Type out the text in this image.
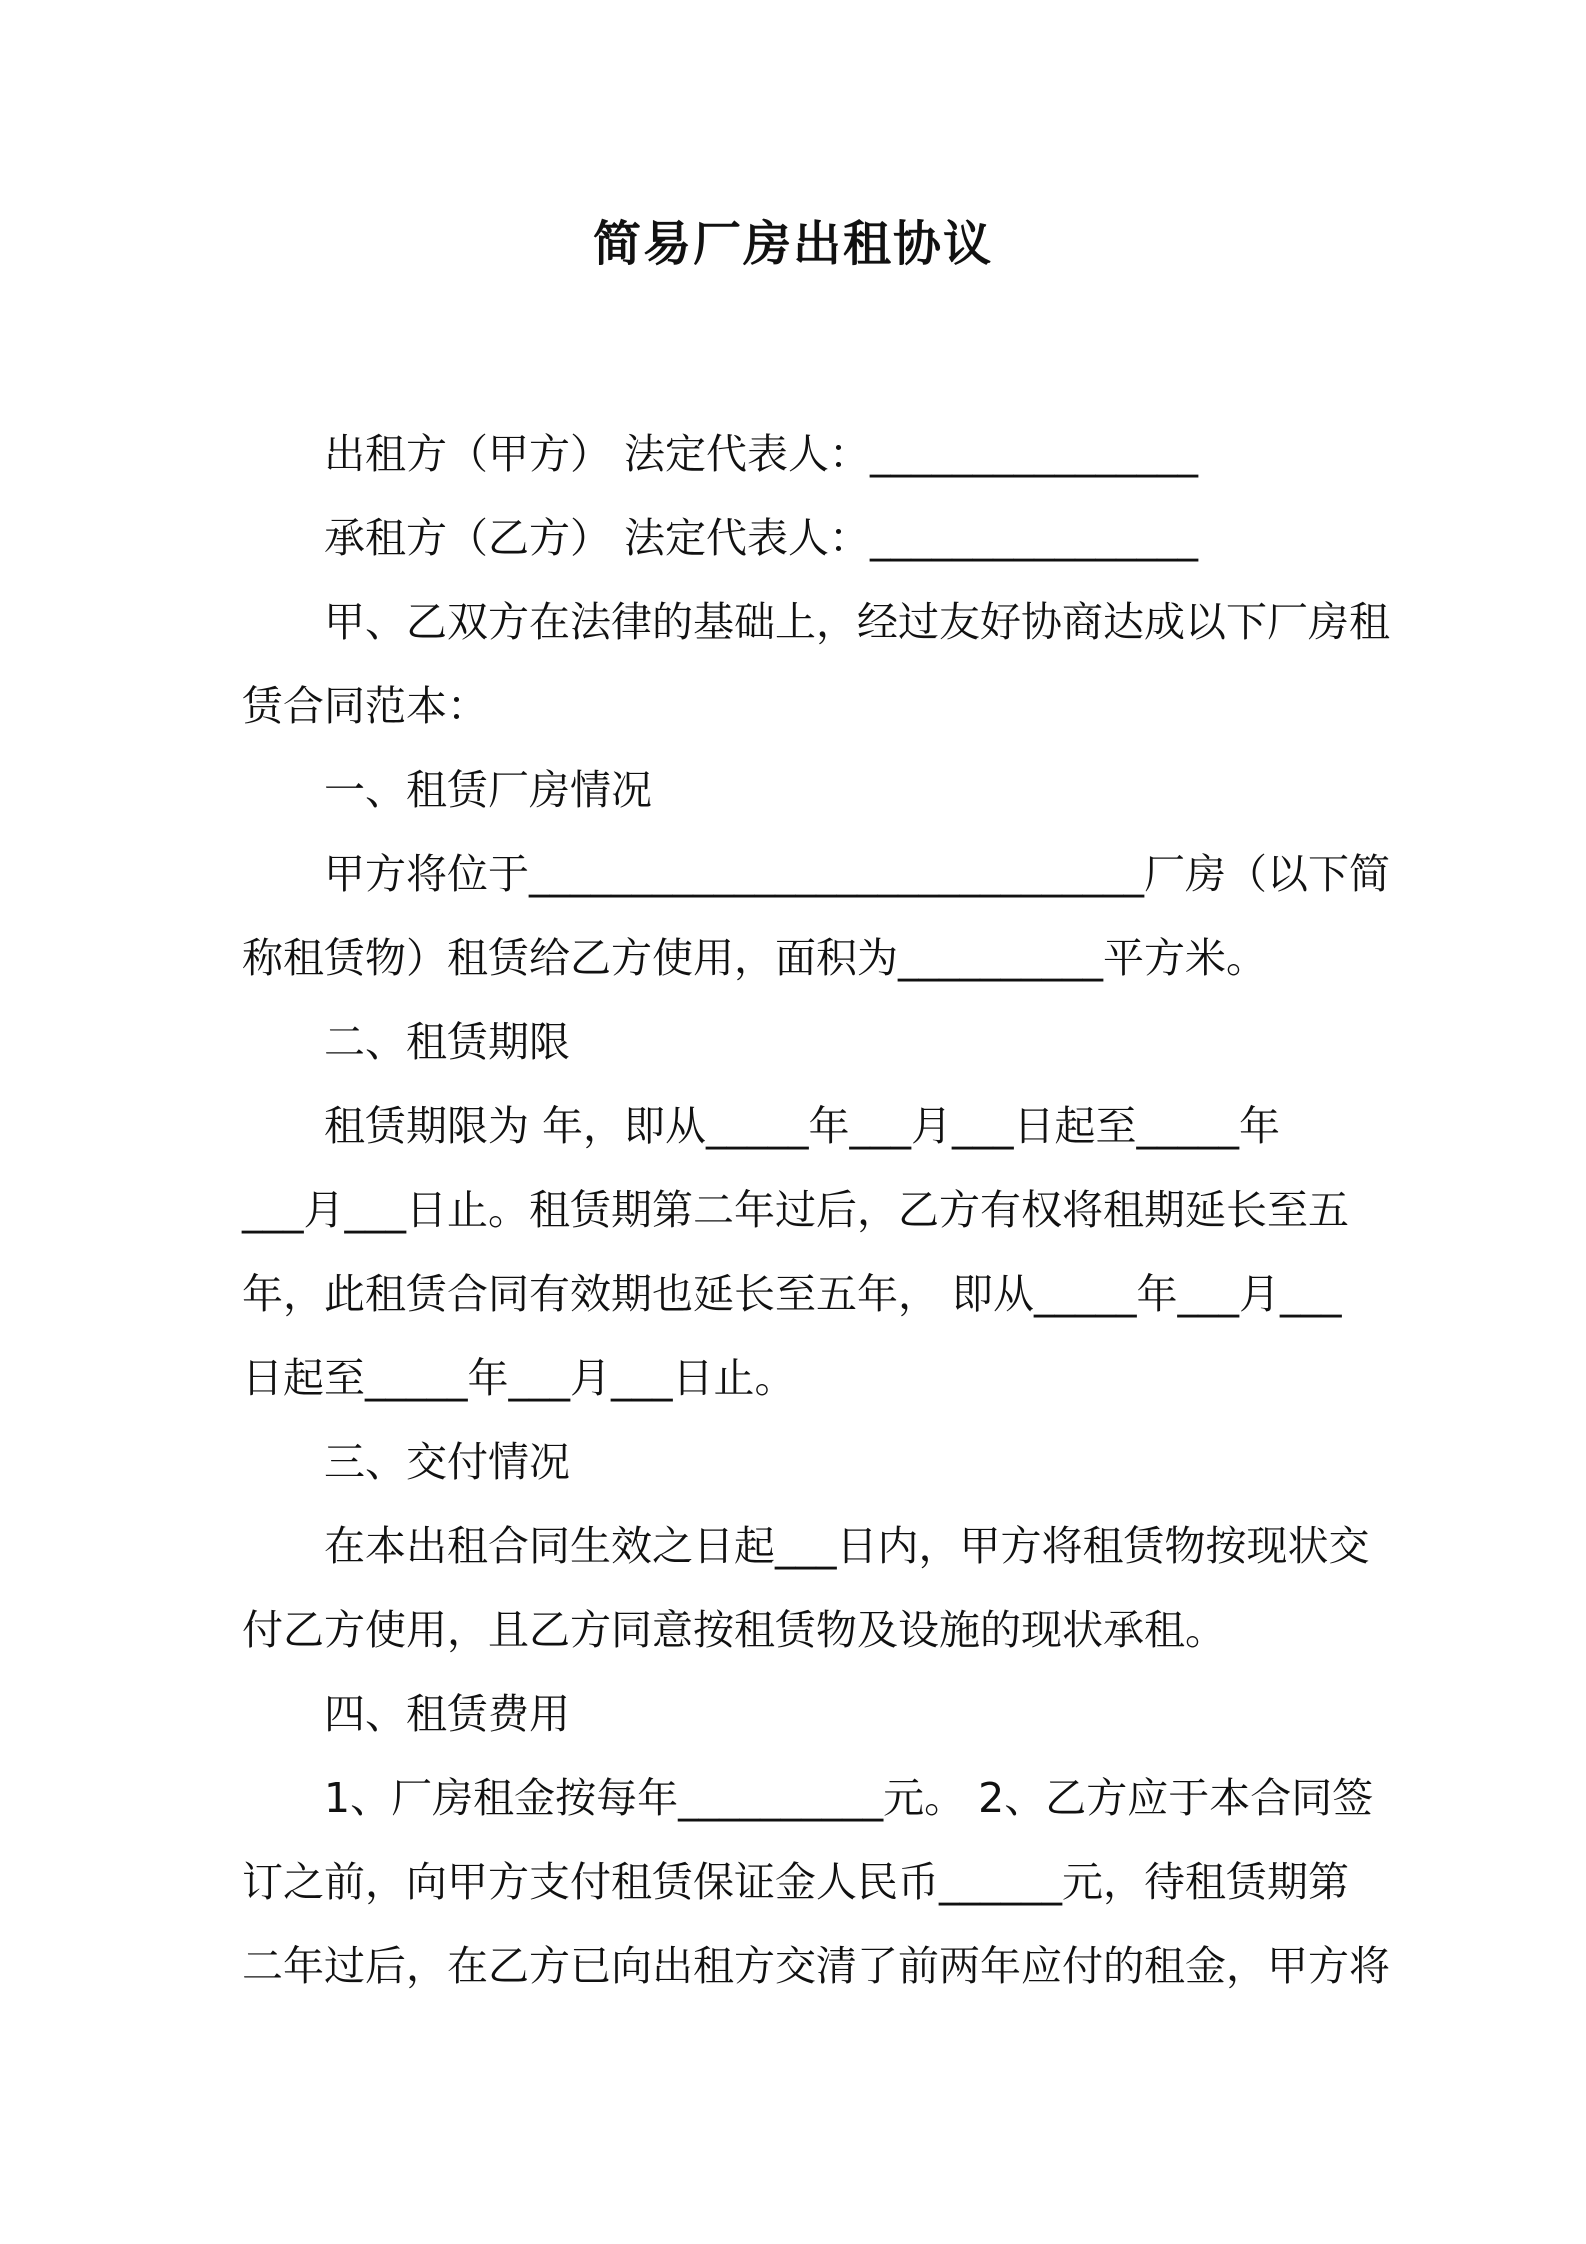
简易厂房出租协议

出租方（甲方） 法定代表人：________________

承租方（乙方） 法定代表人：________________

甲、乙双方在法律的基础上，经过友好协商达成以下厂房租

赁合同范本：

一、租赁厂房情况

甲方将位于______________________________厂房（以下简

称租赁物）租赁给乙方使用，面积为__________平方米。

二、租赁期限

租赁期限为 年，即从_____年___月___日起至_____年

___月___日止。租赁期第二年过后，乙方有权将租期延长至五

年，此租赁合同有效期也延长至五年， 即从_____年___月___

日起至_____年___月___日止。

三、交付情况

在本出租合同生效之日起___日内，甲方将租赁物按现状交

付乙方使用，且乙方同意按租赁物及设施的现状承租。

四、租赁费用

1、厂房租金按每年__________元。 2、乙方应于本合同签

订之前，向甲方支付租赁保证金人民币______元，待租赁期第

二年过后，在乙方已向出租方交清了前两年应付的租金，甲方将
